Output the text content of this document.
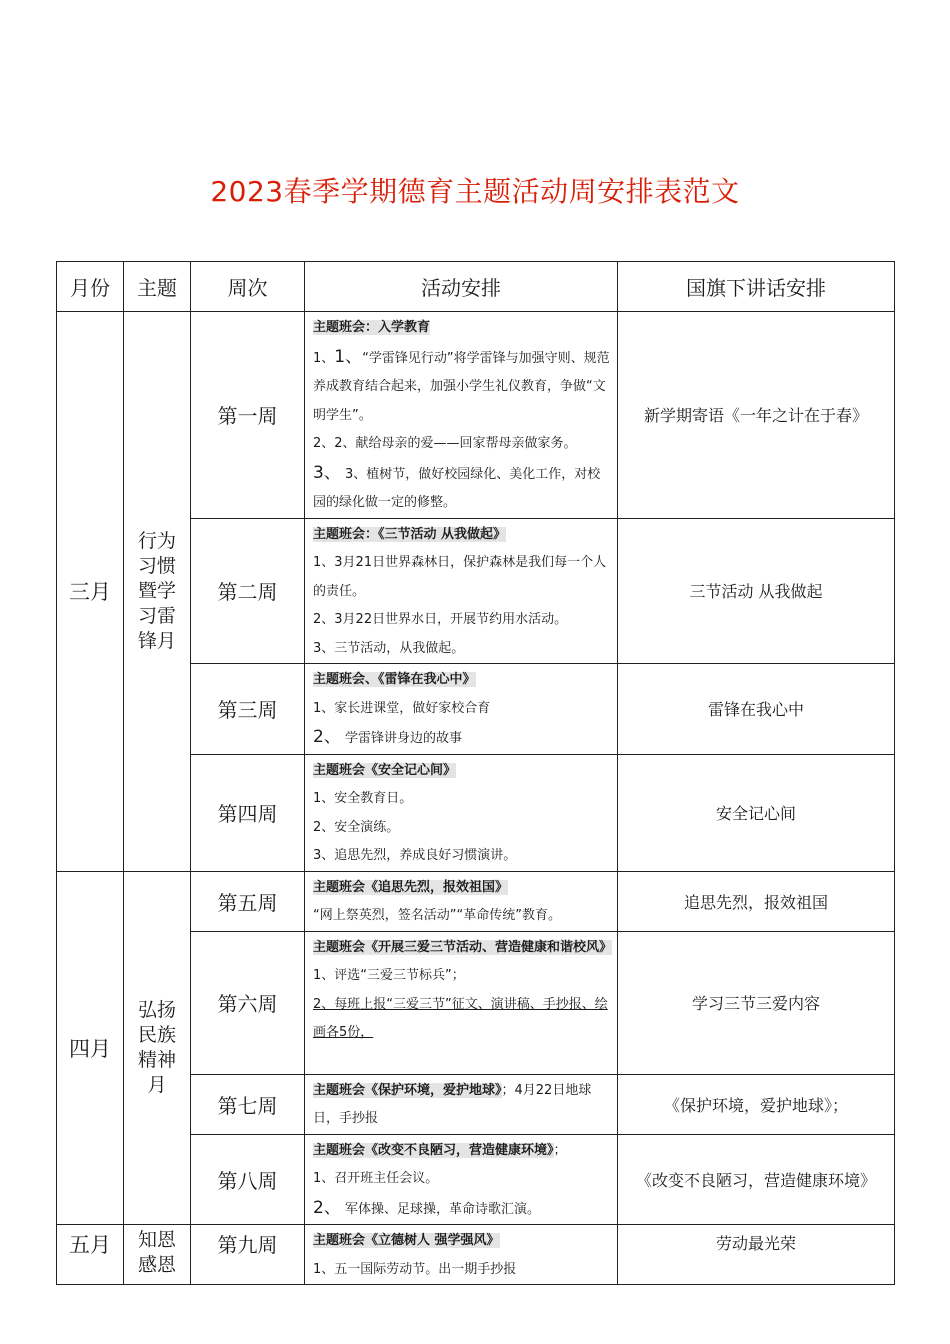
2023春季学期德育主题活动周安排表范文
月份	主题	周次	活动安排	国旗下讲话安排
三月	行为习惯暨学习雷锋月	第一周	主题班会：入学教育
1、1、“学雷锋见行动”将学雷锋与加强守则、规范养成教育结合起来，加强小学生礼仪教育，争做“文明学生”。
2、2、献给母亲的爱——回家帮母亲做家务。
3、 3、植树节，做好校园绿化、美化工作，对校园的绿化做一定的修整。	新学期寄语《一年之计在于春》
		第二周	主题班会：《三节活动 从我做起》
1、3月21日世界森林日，保护森林是我们每一个人的责任。
2、3月22日世界水日，开展节约用水活动。
3、三节活动，从我做起。	三节活动 从我做起
		第三周	主题班会、《雷锋在我心中》
1、家长进课堂，做好家校合育
2、 学雷锋讲身边的故事	雷锋在我心中
		第四周	主题班会《安全记心间》
1、安全教育日。
2、安全演练。
3、追思先烈，养成良好习惯演讲。	安全记心间
四月	弘扬民族精神月	第五周	主题班会《追思先烈，报效祖国》
“网上祭英烈，签名活动”“革命传统”教育。	追思先烈，报效祖国
		第六周	主题班会《开展三爱三节活动、营造健康和谐校风》
1、评选“三爱三节标兵”；
2、每班上报“三爱三节”征文、演讲稿、手抄报、绘画各5份，	学习三节三爱内容
		第七周	主题班会《保护环境，爱护地球》；4月22日地球日，手抄报	《保护环境，爱护地球》；
		第八周	主题班会《改变不良陋习，营造健康环境》；
1、召开班主任会议。
2、 军体操、足球操，革命诗歌汇演。	《改变不良陋习，营造健康环境》
五月	知恩感恩	第九周	主题班会《立德树人 强学强风》
1、五一国际劳动节。出一期手抄报	劳动最光荣
